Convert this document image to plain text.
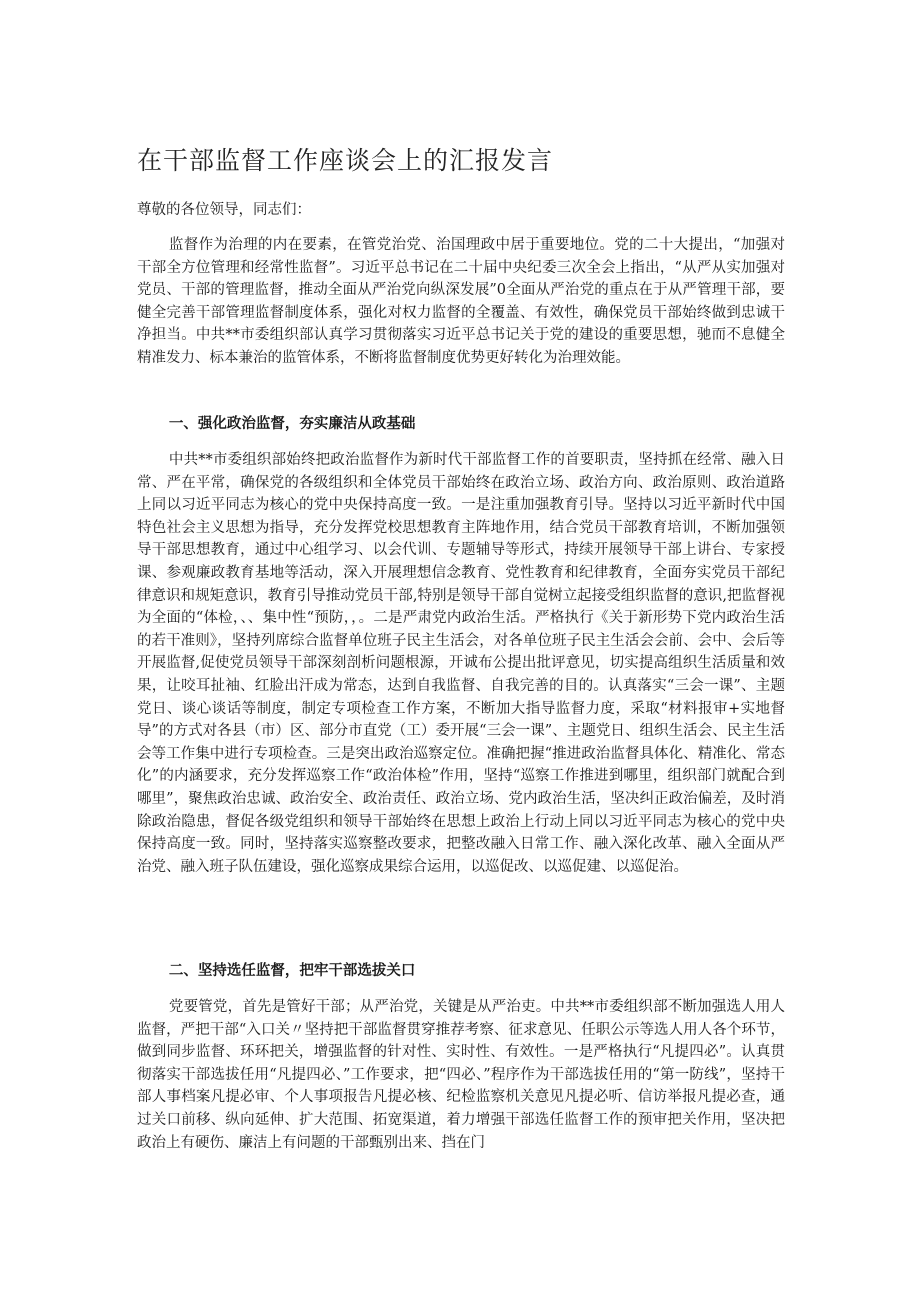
在干部监督工作座谈会上的汇报发言
尊敬的各位领导，同志们：
监督作为治理的内在要素，在管党治党、治国理政中居于重要地位。党的二十大提出，“加强对干部全方位管理和经常性监督”。习近平总书记在二十届中央纪委三次全会上指出，“从严从实加强对党员、干部的管理监督，推动全面从严治党向纵深发展”0全面从严治党的重点在于从严管理干部，要健全完善干部管理监督制度体系，强化对权力监督的全覆盖、有效性，确保党员干部始终做到忠诚干净担当。中共**市委组织部认真学习贯彻落实习近平总书记关于党的建设的重要思想，驰而不息健全精准发力、标本兼治的监管体系，不断将监督制度优势更好转化为治理效能。
一、强化政治监督，夯实廉洁从政基础
中共**市委组织部始终把政治监督作为新时代干部监督工作的首要职责，坚持抓在经常、融入日常、严在平常，确保党的各级组织和全体党员干部始终在政治立场、政治方向、政治原则、政治道路上同以习近平同志为核心的党中央保持高度一致。一是注重加强教育引导。坚持以习近平新时代中国特色社会主义思想为指导，充分发挥党校思想教育主阵地作用，结合党员干部教育培训，不断加强领导干部思想教育，通过中心组学习、以会代训、专题辅导等形式，持续开展领导干部上讲台、专家授课、参观廉政教育基地等活动，深入开展理想信念教育、党性教育和纪律教育，全面夯实党员干部纪律意识和规矩意识，教育引导推动党员干部,特别是领导干部自觉树立起接受组织监督的意识,把监督视为全面的“体检，、、集中性“预防，，。二是严肃党内政治生活。严格执行《关于新形势下党内政治生活的若干准则》，坚持列席综合监督单位班子民主生活会，对各单位班子民主生活会会前、会中、会后等开展监督,促使党员领导干部深刻剖析问题根源，开诚布公提出批评意见，切实提高组织生活质量和效果，让咬耳扯袖、红脸出汗成为常态，达到自我监督、自我完善的目的。认真落实“三会一课”、主题党日、谈心谈话等制度，制定专项检查工作方案，不断加大指导监督力度，采取“材料报审+实地督导”的方式对各县（市）区、部分市直党（工）委开展“三会一课”、主题党日、组织生活会、民主生活会等工作集中进行专项检查。三是突出政治巡察定位。准确把握“推进政治监督具体化、精准化、常态化”的内涵要求，充分发挥巡察工作“政治体检”作用，坚持“巡察工作推进到哪里，组织部门就配合到哪里”，聚焦政治忠诚、政治安全、政治责任、政治立场、党内政治生活，坚决纠正政治偏差，及时消除政治隐患，督促各级党组织和领导干部始终在思想上政治上行动上同以习近平同志为核心的党中央保持高度一致。同时，坚持落实巡察整改要求，把整改融入日常工作、融入深化改革、融入全面从严治党、融入班子队伍建设，强化巡察成果综合运用，以巡促改、以巡促建、以巡促治。
二、坚持选任监督，把牢干部选拔关口
党要管党，首先是管好干部；从严治党，关键是从严治吏。中共**市委组织部不断加强选人用人监督，严把干部“入口关〃坚持把干部监督贯穿推荐考察、征求意见、任职公示等选人用人各个环节，做到同步监督、环环把关，增强监督的针对性、实时性、有效性。一是严格执行“凡提四必”。认真贯彻落实干部选拔任用“凡提四必、”工作要求，把“四必、”程序作为干部选拔任用的“第一防线”，坚持干部人事档案凡提必审、个人事项报告凡提必核、纪检监察机关意见凡提必听、信访举报凡提必查，通过关口前移、纵向延伸、扩大范围、拓宽渠道，着力增强干部选任监督工作的预审把关作用，坚决把政治上有硬伤、廉洁上有问题的干部甄别出来、挡在门
